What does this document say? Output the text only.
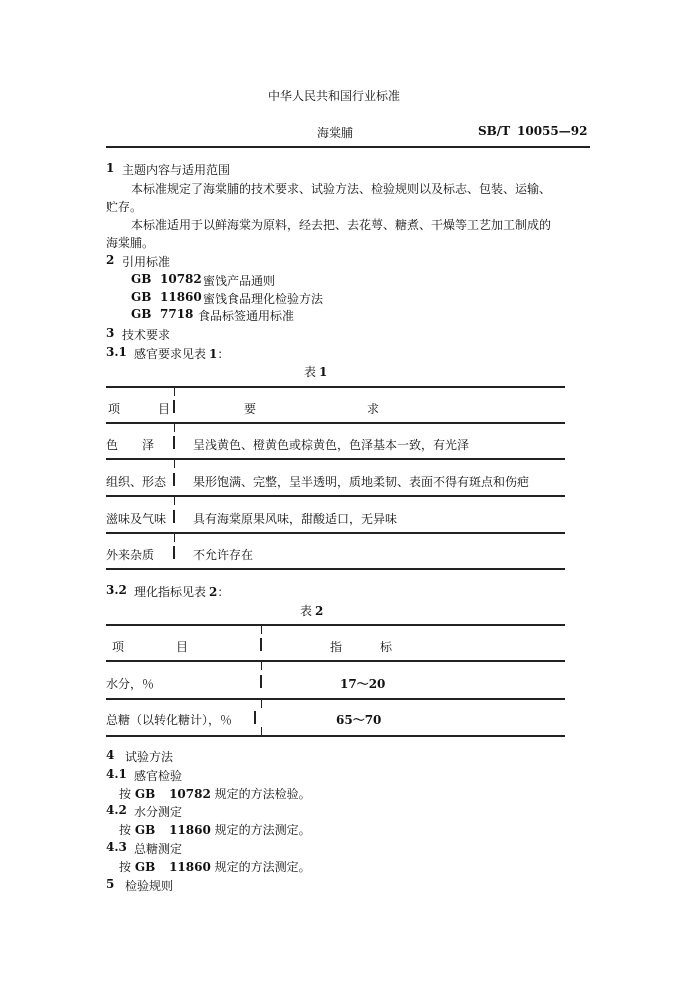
中华人民共和国行业标准
海棠脯	SB/T 10055—92
1 主题内容与适用范围
本标准规定了海棠脯的技术要求、试验方法、检验规则以及标志、包装、运输、
贮存。
本标准适用于以鲜海棠为原料，经去把、去花萼、糖煮、干燥等工艺加工制成的
海棠脯。
2 引用标准
GB 10782 蜜饯产品通则
GB 11860 蜜饯食品理化检验方法
GB 7718 食品标签通用标准
3 技术要求
3.1 感官要求见表 1：
表 1
项	目	要	求
色　　泽	呈浅黄色、橙黄色或棕黄色，色泽基本一致，有光泽
组织、形态 果形饱满、完整，呈半透明，质地柔韧、表面不得有斑点和伤疤
滋味及气味 具有海棠原果风味，甜酸适口，无异味
外来杂质	不允许存在
3.2 理化指标见表 2：
表 2
项	目	指	标
水分，％	17～20
总糖（以转化糖计），％	65～70
4 试验方法
4.1 感官检验
按 GB 10782 规定的方法检验。
4.2 水分测定
按 GB 11860 规定的方法测定。
4.3 总糖测定
按 GB 11860 规定的方法测定。
5 检验规则
